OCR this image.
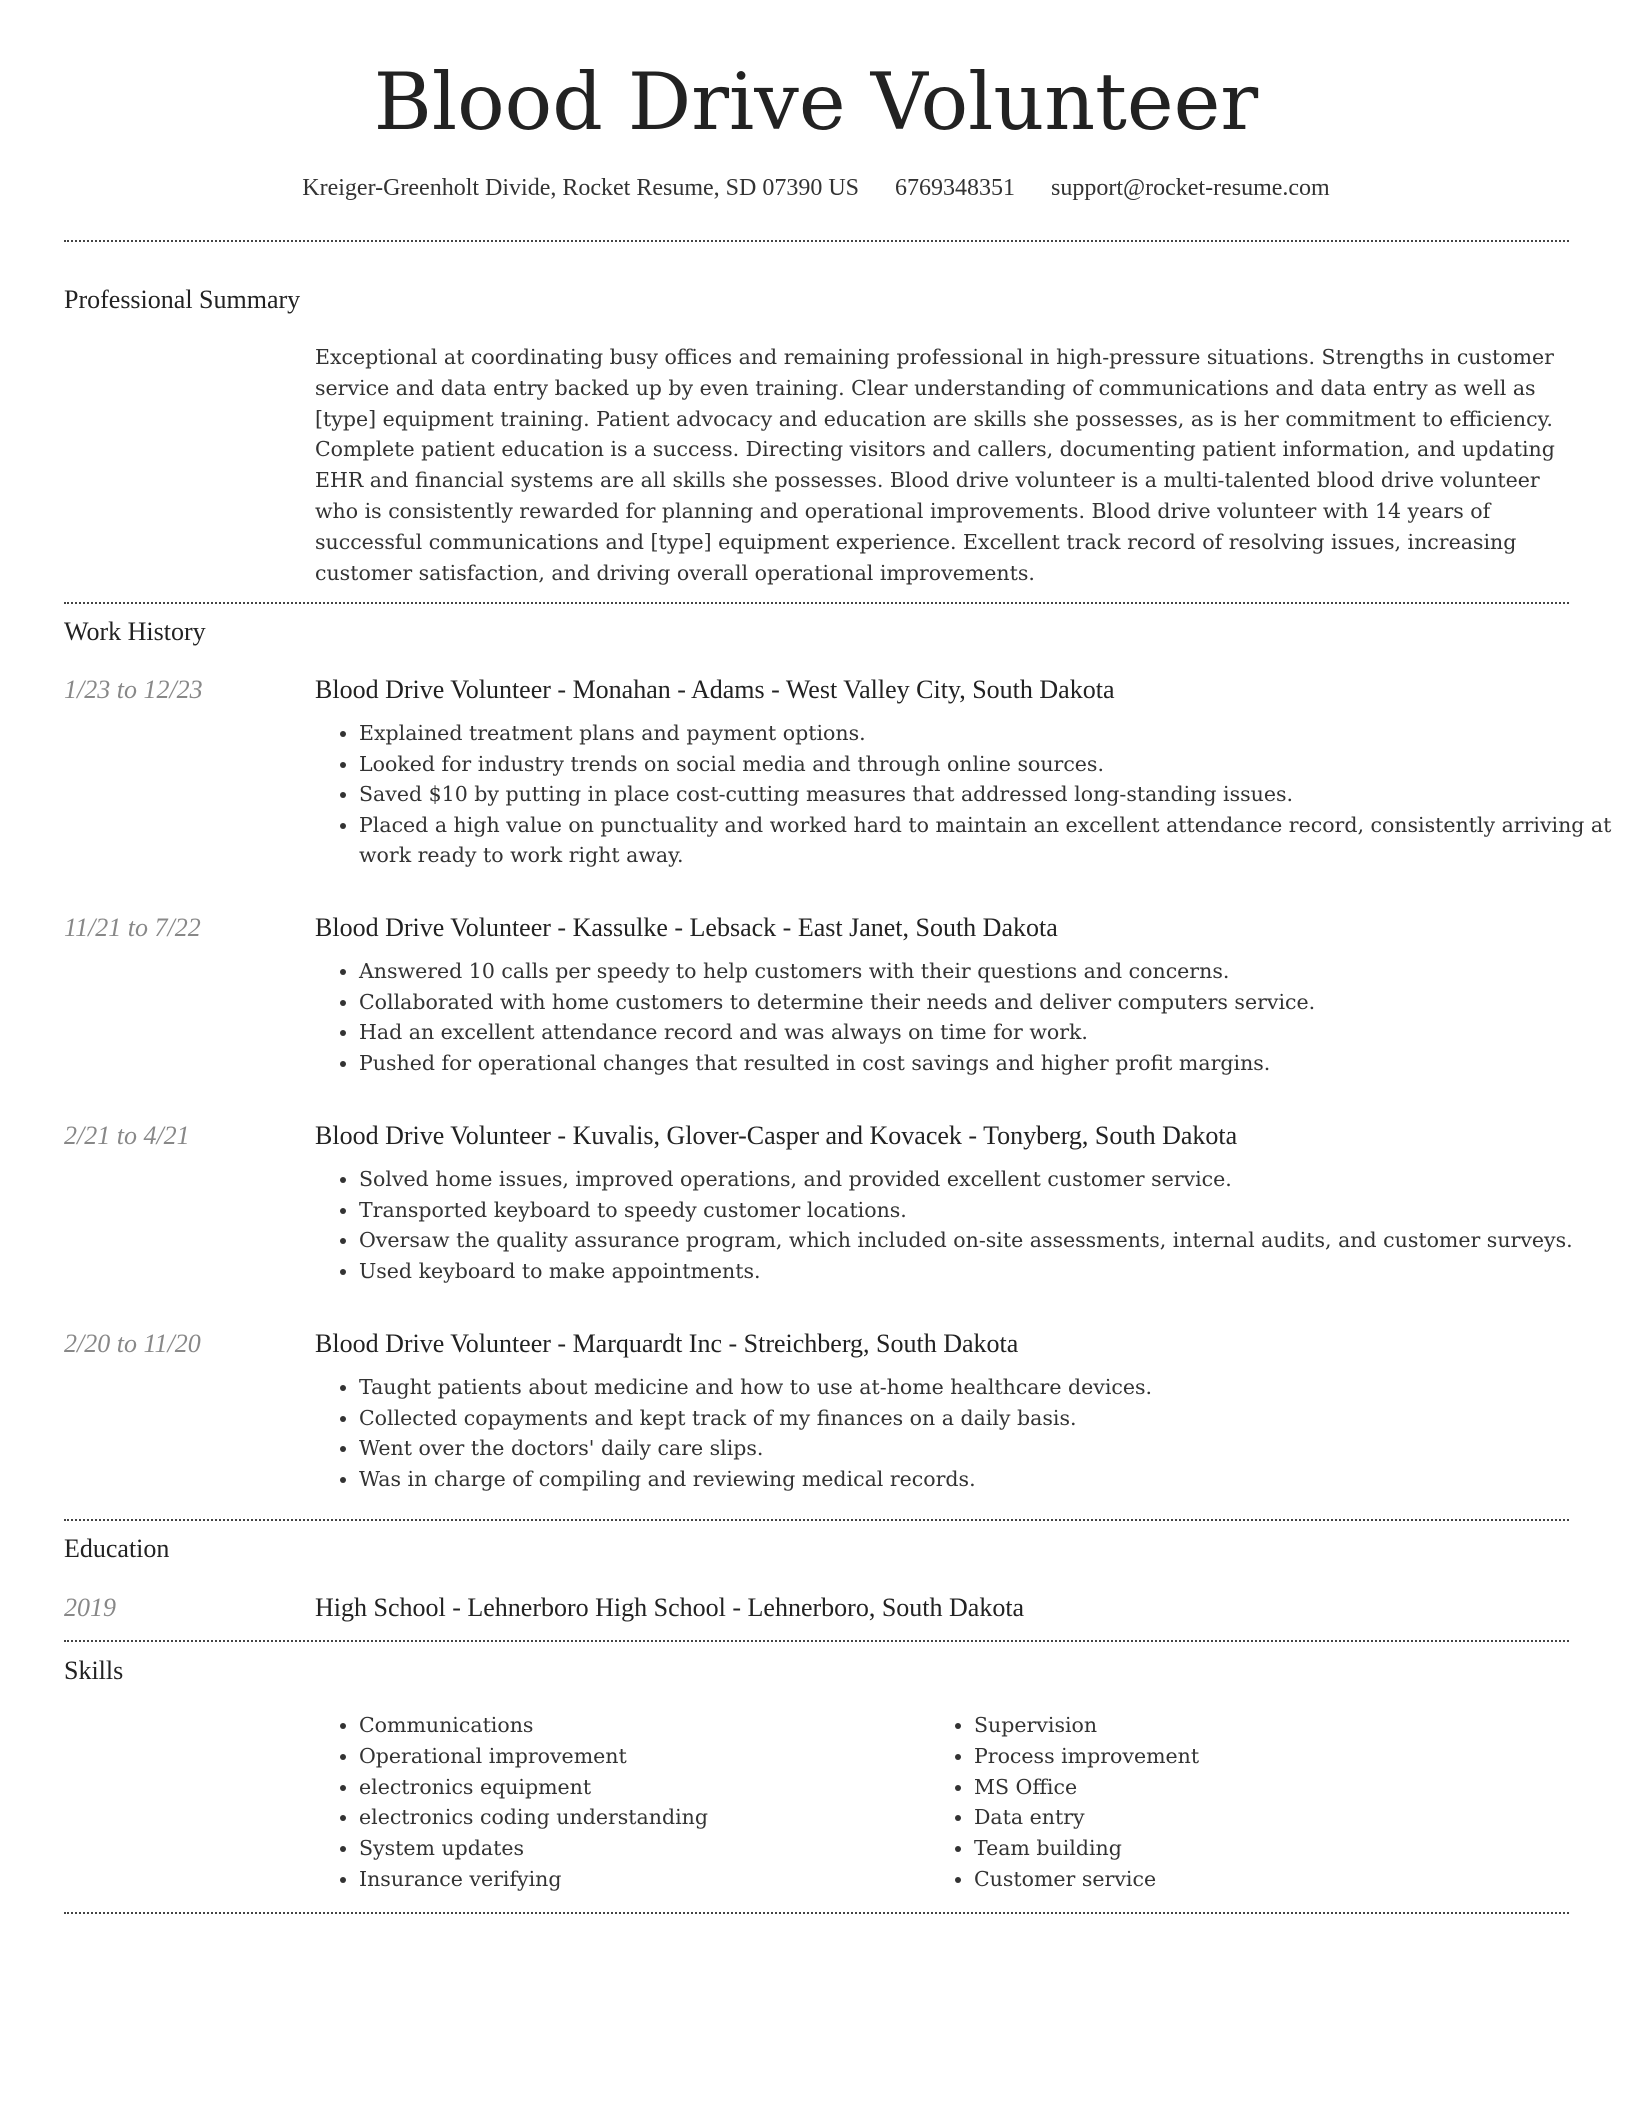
Blood Drive Volunteer
Kreiger-Greenholt Divide, Rocket Resume, SD 07390 US 6769348351 support@rocket-resume.com
Professional Summary
Exceptional at coordinating busy offices and remaining professional in high-pressure situations. Strengths in customer service and data entry backed up by even training. Clear understanding of communications and data entry as well as [type] equipment training. Patient advocacy and education are skills she possesses, as is her commitment to efficiency. Complete patient education is a success. Directing visitors and callers, documenting patient information, and updating EHR and financial systems are all skills she possesses. Blood drive volunteer is a multi-talented blood drive volunteer who is consistently rewarded for planning and operational improvements. Blood drive volunteer with 14 years of successful communications and [type] equipment experience. Excellent track record of resolving issues, increasing customer satisfaction, and driving overall operational improvements.
Work History
1/23 to 12/23	Blood Drive Volunteer - Monahan - Adams - West Valley City, South Dakota
• Explained treatment plans and payment options.
• Looked for industry trends on social media and through online sources.
• Saved $10 by putting in place cost-cutting measures that addressed long-standing issues.
• Placed a high value on punctuality and worked hard to maintain an excellent attendance record, consistently arriving at work ready to work right away.
11/21 to 7/22	Blood Drive Volunteer - Kassulke - Lebsack - East Janet, South Dakota
• Answered 10 calls per speedy to help customers with their questions and concerns.
• Collaborated with home customers to determine their needs and deliver computers service.
• Had an excellent attendance record and was always on time for work.
• Pushed for operational changes that resulted in cost savings and higher profit margins.
2/21 to 4/21	Blood Drive Volunteer - Kuvalis, Glover-Casper and Kovacek - Tonyberg, South Dakota
• Solved home issues, improved operations, and provided excellent customer service.
• Transported keyboard to speedy customer locations.
• Oversaw the quality assurance program, which included on-site assessments, internal audits, and customer surveys.
• Used keyboard to make appointments.
2/20 to 11/20	Blood Drive Volunteer - Marquardt Inc - Streichberg, South Dakota
• Taught patients about medicine and how to use at-home healthcare devices.
• Collected copayments and kept track of my finances on a daily basis.
• Went over the doctors' daily care slips.
• Was in charge of compiling and reviewing medical records.
Education
2019	High School - Lehnerboro High School - Lehnerboro, South Dakota
Skills
• Communications
• Operational improvement
• electronics equipment
• electronics coding understanding
• System updates
• Insurance verifying
• Supervision
• Process improvement
• MS Office
• Data entry
• Team building
• Customer service
